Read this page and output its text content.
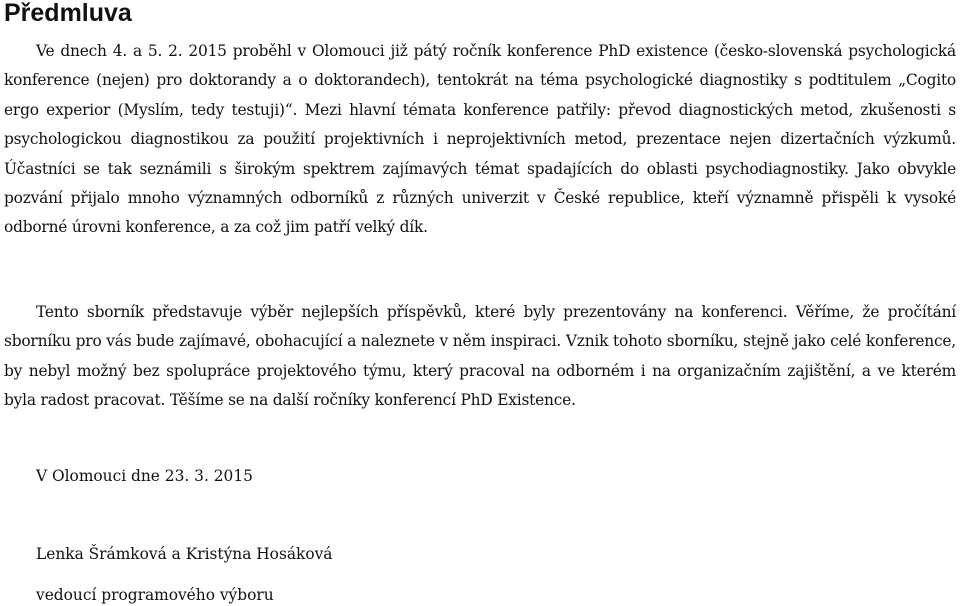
Předmluva

Ve dnech 4. a 5. 2. 2015 proběhl v Olomouci již pátý ročník konference PhD existence (česko-slovenská psychologická konference (nejen) pro doktorandy a o doktorandech), tentokrát na téma psychologické diagnostiky s podtitulem „Cogito ergo experior (Myslím, tedy testuji)“. Mezi hlavní témata konference patřily: převod diagnostických metod, zkušenosti s psychologickou diagnostikou za použití projektivních i neprojektivních metod, prezentace nejen dizertačních výzkumů. Účastníci se tak seznámili s širokým spektrem zajímavých témat spadajících do oblasti psychodiagnostiky. Jako obvykle pozvání přijalo mnoho významných odborníků z různých univerzit v České republice, kteří významně přispěli k vysoké odborné úrovni konference, a za což jim patří velký dík.

Tento sborník představuje výběr nejlepších příspěvků, které byly prezentovány na konferenci. Věříme, že pročítání sborníku pro vás bude zajímavé, obohacující a naleznete v něm inspiraci. Vznik tohoto sborníku, stejně jako celé konference, by nebyl možný bez spolupráce projektového týmu, který pracoval na odborném i na organizačním zajištění, a ve kterém byla radost pracovat. Těšíme se na další ročníky konferencí PhD Existence.

V Olomouci dne 23. 3. 2015

Lenka Šrámková a Kristýna Hosáková

vedoucí programového výboru
